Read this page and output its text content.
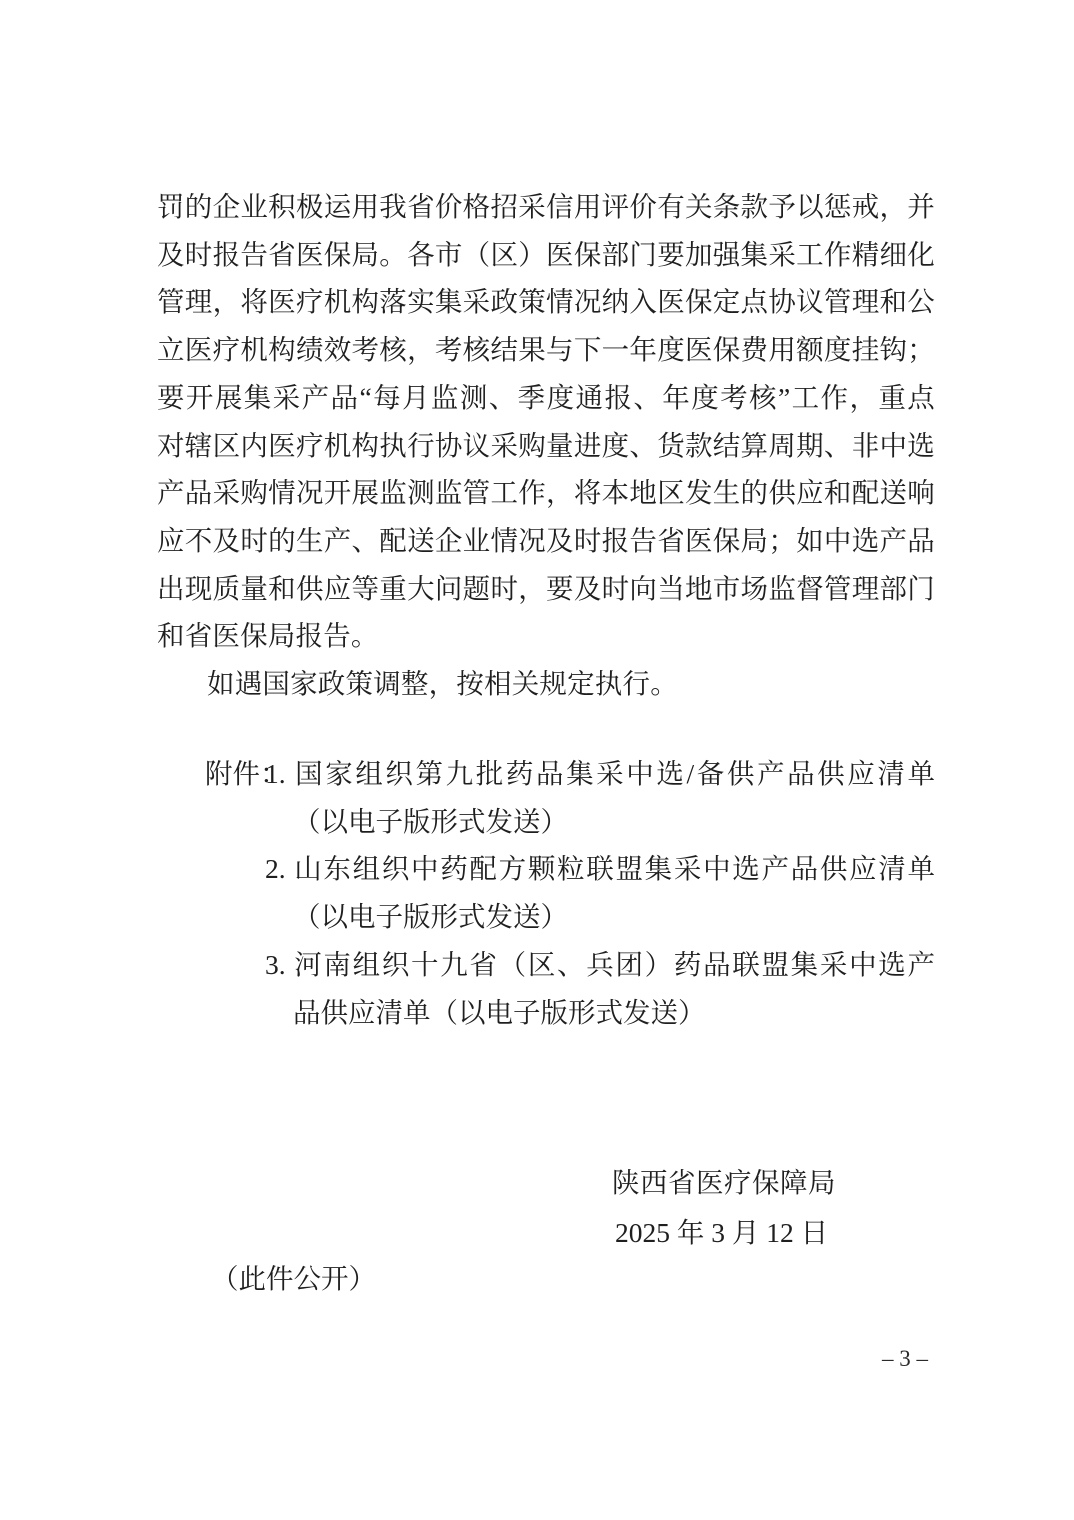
罚的企业积极运用我省价格招采信用评价有关条款予以惩戒，并
及时报告省医保局。各市（区）医保部门要加强集采工作精细化
管理，将医疗机构落实集采政策情况纳入医保定点协议管理和公
立医疗机构绩效考核，考核结果与下一年度医保费用额度挂钩；
要开展集采产品“每月监测、季度通报、年度考核”工作，重点
对辖区内医疗机构执行协议采购量进度、货款结算周期、非中选
产品采购情况开展监测监管工作，将本地区发生的供应和配送响
应不及时的生产、配送企业情况及时报告省医保局；如中选产品
出现质量和供应等重大问题时，要及时向当地市场监督管理部门
和省医保局报告。
如遇国家政策调整，按相关规定执行。
附件：
1. 国家组织第九批药品集采中选/备供产品供应清单
（以电子版形式发送）
2. 山东组织中药配方颗粒联盟集采中选产品供应清单
（以电子版形式发送）
3. 河南组织十九省（区、兵团）药品联盟集采中选产
品供应清单（以电子版形式发送）
陕西省医疗保障局
2025 年 3 月 12 日
（此件公开）
– 3 –
